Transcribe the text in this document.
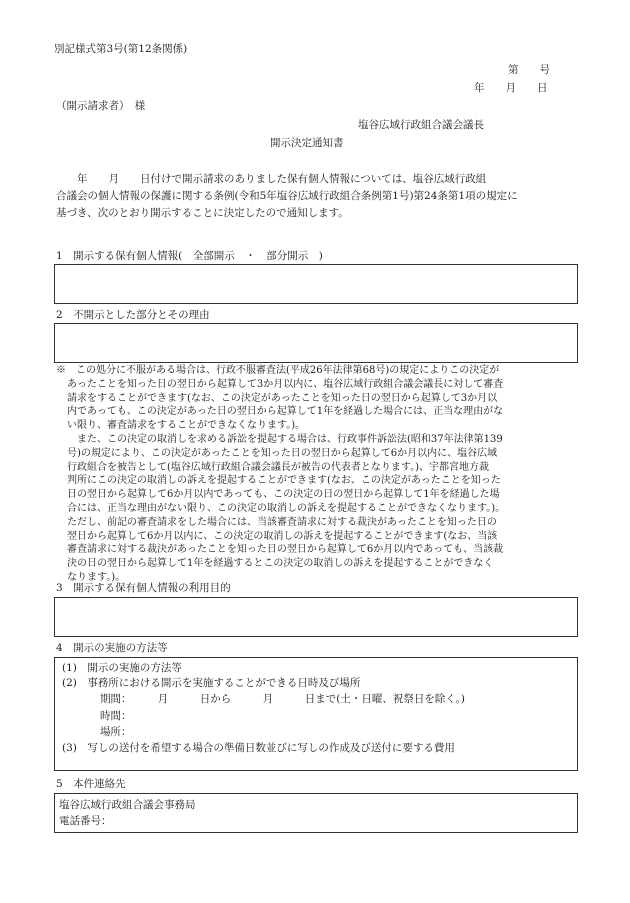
別記様式第3号(第12条関係)
第　　号
年　　月　　日
（開示請求者）　様
塩谷広域行政組合議会議長
開示決定通知書

　　年　　月　　日付けで開示請求のありました保有個人情報については、塩谷広域行政組

合議会の個人情報の保護に関する条例(令和5年塩谷広域行政組合条例第1号)第24条第1項の規定に

基づき、次のとおり開示することに決定したので通知します。

1　開示する保有個人情報(　全部開示　・　部分開示　)
2　不開示とした部分とその理由
※　この処分に不服がある場合は、行政不服審査法(平成26年法律第68号)の規定によりこの決定が
あったことを知った日の翌日から起算して3か月以内に、塩谷広域行政組合議会議長に対して審査
請求をすることができます(なお、この決定があったことを知った日の翌日から起算して3か月以
内であっても、この決定があった日の翌日から起算して1年を経過した場合には、正当な理由がな
い限り、審査請求をすることができなくなります。)。
　また、この決定の取消しを求める訴訟を提起する場合は、行政事件訴訟法(昭和37年法律第139
号)の規定により、この決定があったことを知った日の翌日から起算して6か月以内に、塩谷広域
行政組合を被告として(塩谷広域行政組合議会議長が被告の代表者となります。)、宇都宮地方裁
判所にこの決定の取消しの訴えを提起することができます(なお、この決定があったことを知った
日の翌日から起算して6か月以内であっても、この決定の日の翌日から起算して1年を経過した場
合には、正当な理由がない限り、この決定の取消しの訴えを提起することができなくなります。)。
ただし、前記の審査請求をした場合には、当該審査請求に対する裁決があったことを知った日の
翌日から起算して6か月以内に、この決定の取消しの訴えを提起することができます(なお、当該
審査請求に対する裁決があったことを知った日の翌日から起算して6か月以内であっても、当該裁
決の日の翌日から起算して1年を経過するとこの決定の取消しの訴えを提起することができなく
なります。)。
3　開示する保有個人情報の利用目的
4　開示の実施の方法等
(1)　開示の実施の方法等
(2)　事務所における開示を実施することができる日時及び場所
期間：　　　月　　　日から　　　月　　　日まで(土・日曜、祝祭日を除く。)
時間：
場所：
(3)　写しの送付を希望する場合の準備日数並びに写しの作成及び送付に要する費用
5　本件連絡先
塩谷広域行政組合議会事務局
電話番号：
